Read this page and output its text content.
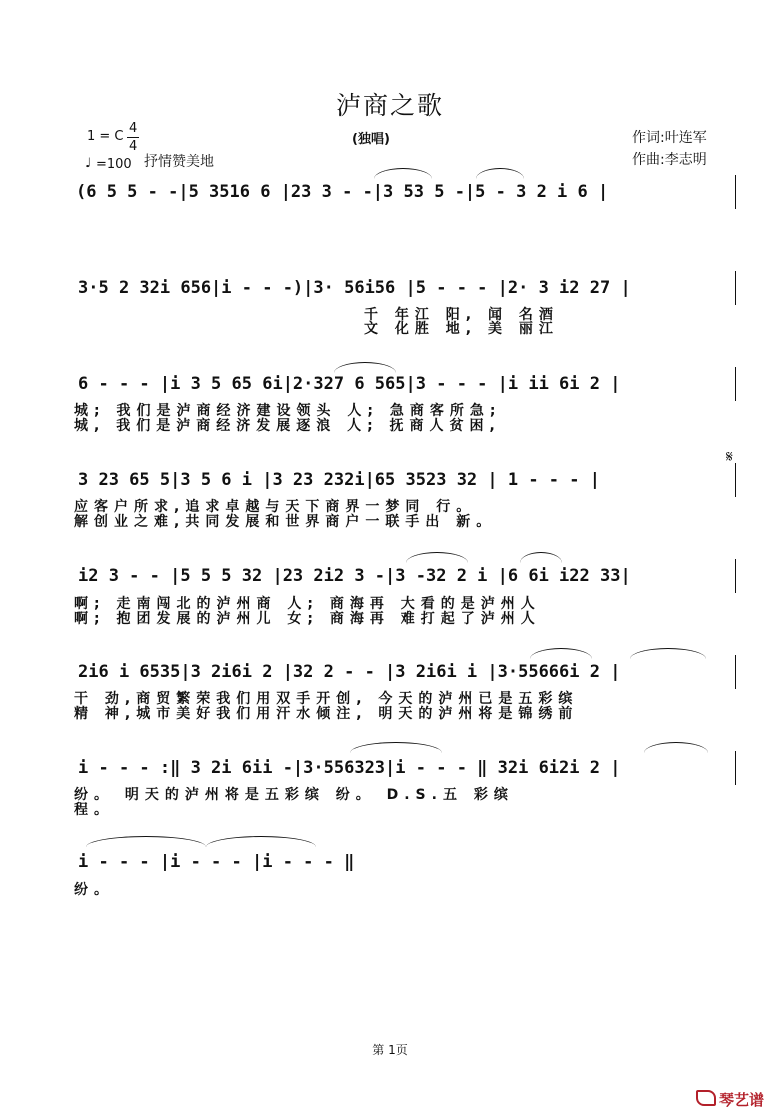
泸商之歌
1 = C
4
4
♩ =100 抒情赞美地
(独唱)	作词:叶连军
作曲:李志明
(6 5 5 - -|5 3516 6 |23 3 - -|3 53 5 -|5 - 3 2 i 6 |
3·5 2 32i 656|i - - -)|3· 56i56 |5 - - - |2· 3 i2 27 |
千 年江 阳, 闻 名酒
文 化胜 地, 美 丽江
6 - - - |i 3 5 65 6i|2·327 6 565|3 - - - |i ii 6i 2 |
城; 我们是泸商经济建设领头 人; 急商客所急;
城, 我们是泸商经济发展逐浪 人; 抚商人贫困,
3 23 65 5|3 5 6 i |3 23 232i|65 3523 32 | 1 - - - |
𝄋
应客户所求,追求卓越与天下商界一梦同 行。
解创业之难,共同发展和世界商户一联手出 新。
i2 3 - - |5 5 5 32 |23 2i2 3 -|3 -32 2 i |6 6i i22 33|
啊; 走南闯北的泸州商 人; 商海再 大看的是泸州人
啊; 抱团发展的泸州儿 女; 商海再 难打起了泸州人
2i6 i 6535|3 2i6i 2 |32 2 - - |3 2i6i i |3·55666i 2 |
干 劲,商贸繁荣我们用双手开创, 今天的泸州已是五彩缤
精 神,城市美好我们用汗水倾注, 明天的泸州将是锦绣前
i - - - :‖ 3 2i 6ii -|3·556323|i - - - ‖ 32i 6i2i 2 |
纷。 明天的泸州将是五彩缤 纷。 D.S.五 彩缤
程。
i - - - |i - - - |i - - - ‖
纷。
第 1页
琴艺谱
